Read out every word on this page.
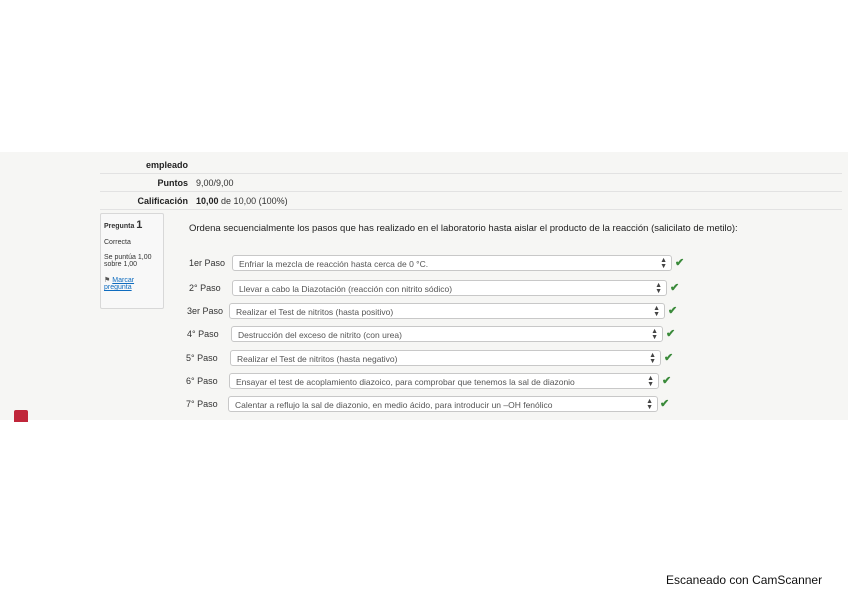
empleado	
Puntos	9,00/9,00
Calificación	10,00 de 10,00 (100%)
Pregunta 1
Correcta
Se puntúa 1,00 sobre 1,00
⚑ Marcar pregunta
Ordena secuencialmente los pasos que has realizado en el laboratorio hasta aislar el producto de la reacción (salicilato de metilo):
1er Paso	Enfriar la mezcla de reacción hasta cerca de 0 °C.	▲
▼ ✔
2° Paso	Llevar a cabo la Diazotación (reacción con nitrito sódico)	▲
▼ ✔
3er Paso	Realizar el Test de nitritos (hasta positivo)	▲
▼ ✔
4° Paso	Destrucción del exceso de nitrito (con urea)	▲
▼ ✔
5° Paso	Realizar el Test de nitritos (hasta negativo)	▲
▼ ✔
6° Paso	Ensayar el test de acoplamiento diazoico, para comprobar que tenemos la sal de diazonio	▲
▼ ✔
7° Paso	Calentar a reflujo la sal de diazonio, en medio ácido, para introducir un –OH fenólico	▲
▼ ✔
Escaneado con CamScanner
